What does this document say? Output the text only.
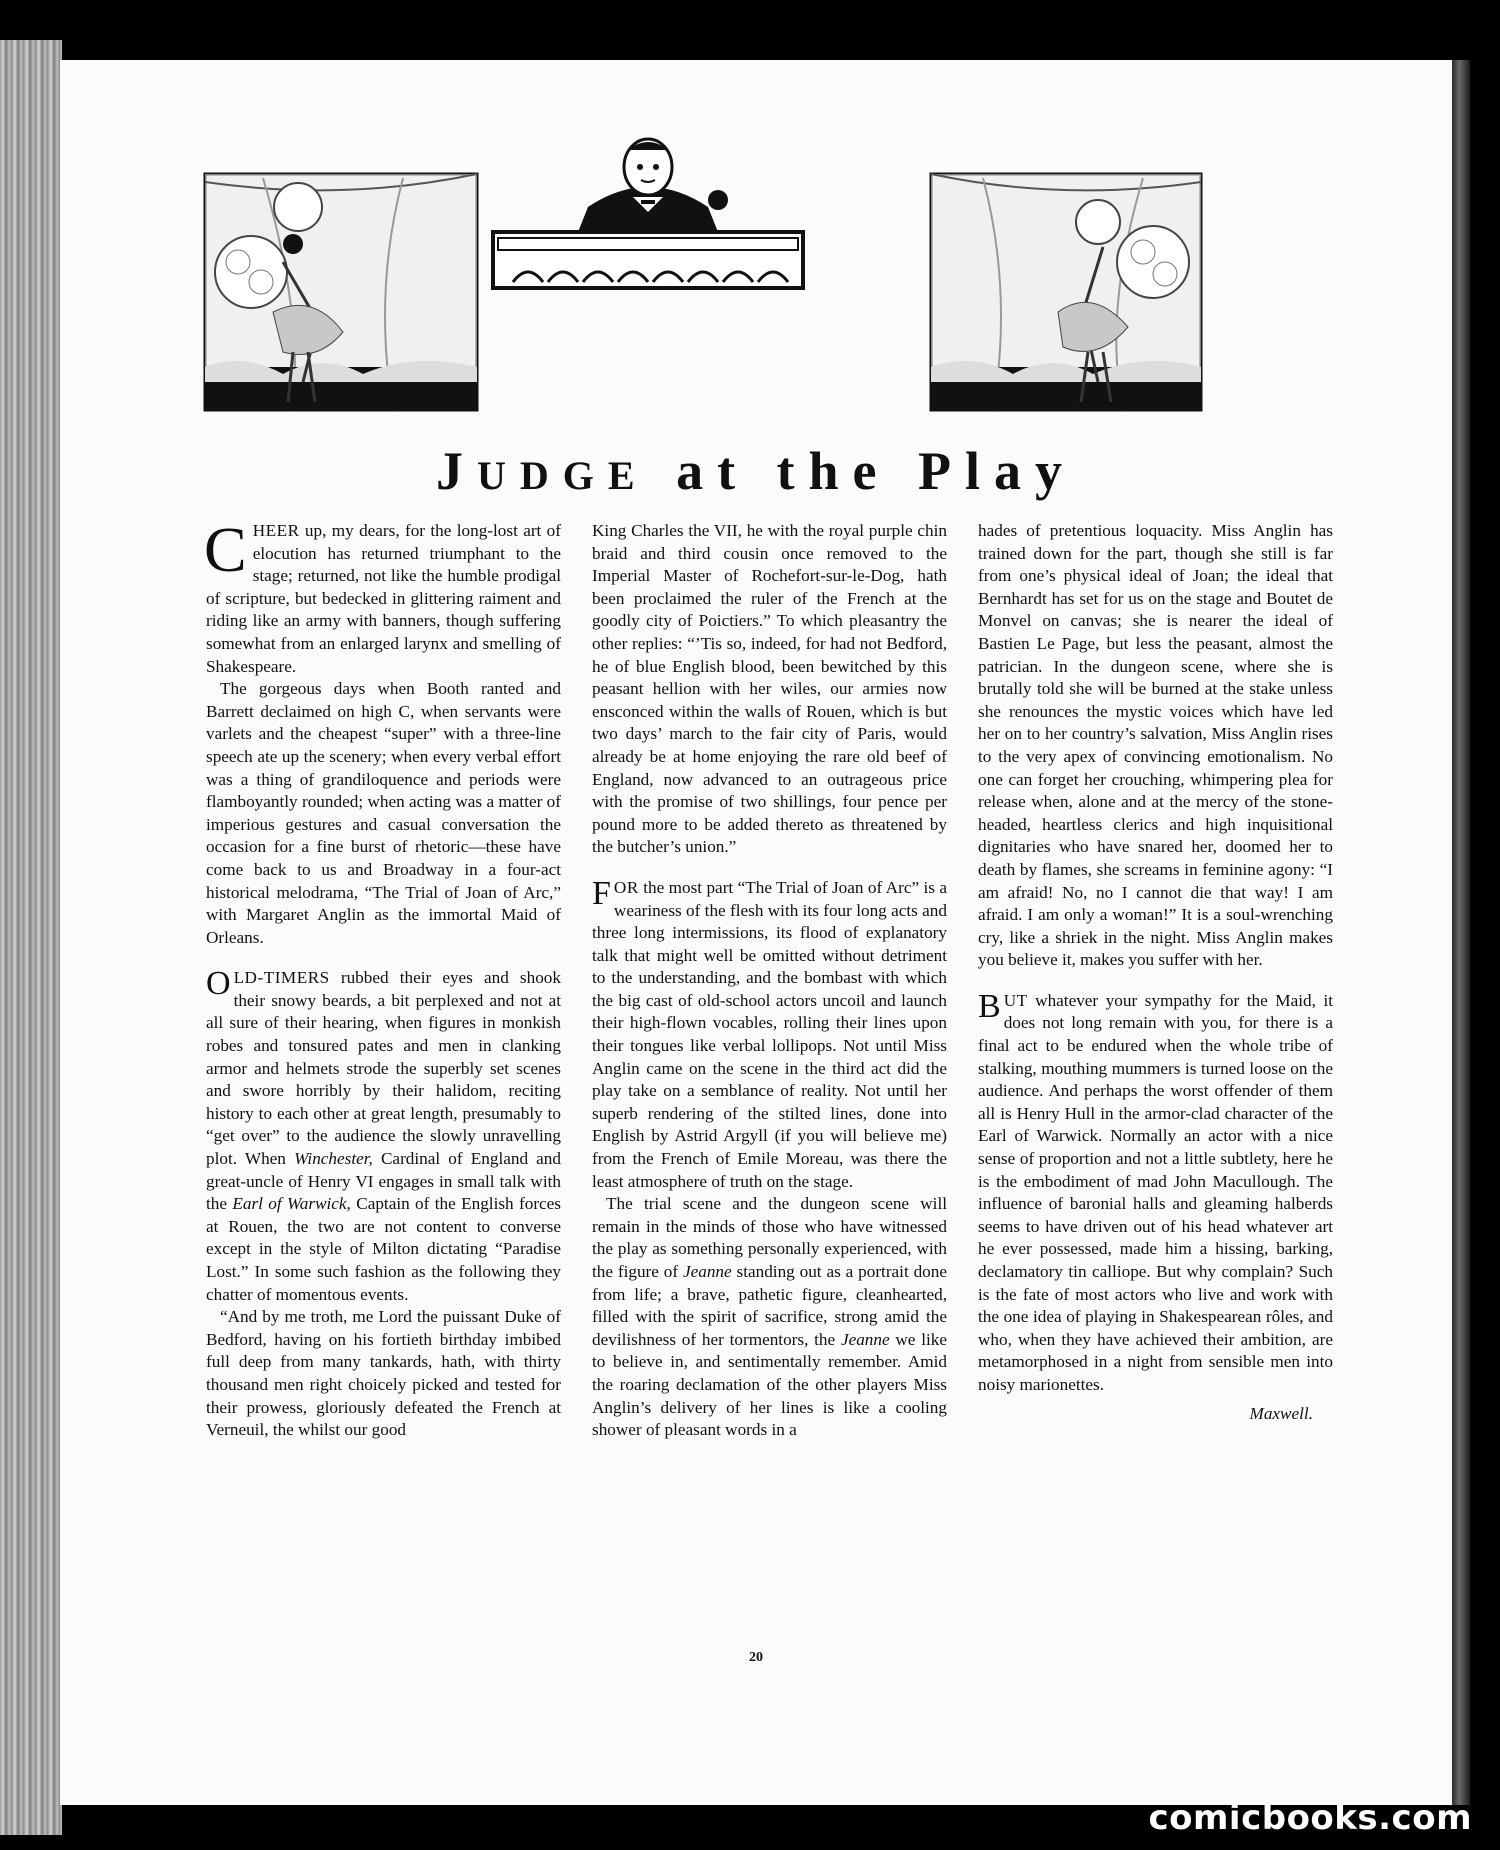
JUDGE at the Play

CHEER up, my dears, for the long-lost art of elocution has returned triumphant to the stage; returned, not like the humble prodigal of scripture, but bedecked in glittering raiment and riding like an army with banners, though suffering somewhat from an enlarged larynx and smelling of Shakespeare.

The gorgeous days when Booth ranted and Barrett declaimed on high C, when servants were varlets and the cheapest “super” with a three-line speech ate up the scenery; when every verbal effort was a thing of grandiloquence and periods were flamboyantly rounded; when acting was a matter of imperious gestures and casual conversation the occasion for a fine burst of rhetoric—these have come back to us and Broadway in a four-act historical melodrama, “The Trial of Joan of Arc,” with Margaret Anglin as the immortal Maid of Orleans.

OLD-TIMERS rubbed their eyes and shook their snowy beards, a bit perplexed and not at all sure of their hearing, when figures in monkish robes and tonsured pates and men in clanking armor and helmets strode the superbly set scenes and swore horribly by their halidom, reciting history to each other at great length, presumably to “get over” to the audience the slowly unravelling plot. When Winchester, Cardinal of England and great-uncle of Henry VI engages in small talk with the Earl of Warwick, Captain of the English forces at Rouen, the two are not content to converse except in the style of Milton dictating “Paradise Lost.” In some such fashion as the following they chatter of momentous events.

“And by me troth, me Lord the puissant Duke of Bedford, having on his fortieth birthday imbibed full deep from many tankards, hath, with thirty thousand men right choicely picked and tested for their prowess, gloriously defeated the French at Verneuil, the whilst our good

King Charles the VII, he with the royal purple chin braid and third cousin once removed to the Imperial Master of Rochefort-sur-le-Dog, hath been proclaimed the ruler of the French at the goodly city of Poictiers.” To which pleasantry the other replies: “’Tis so, indeed, for had not Bedford, he of blue English blood, been bewitched by this peasant hellion with her wiles, our armies now ensconced within the walls of Rouen, which is but two days’ march to the fair city of Paris, would already be at home enjoying the rare old beef of England, now advanced to an outrageous price with the promise of two shillings, four pence per pound more to be added thereto as threatened by the butcher’s union.”

FOR the most part “The Trial of Joan of Arc” is a weariness of the flesh with its four long acts and three long intermissions, its flood of explanatory talk that might well be omitted without detriment to the understanding, and the bombast with which the big cast of old-school actors uncoil and launch their high-flown vocables, rolling their lines upon their tongues like verbal lollipops. Not until Miss Anglin came on the scene in the third act did the play take on a semblance of reality. Not until her superb rendering of the stilted lines, done into English by Astrid Argyll (if you will believe me) from the French of Emile Moreau, was there the least atmosphere of truth on the stage.

The trial scene and the dungeon scene will remain in the minds of those who have witnessed the play as something personally experienced, with the figure of Jeanne standing out as a portrait done from life; a brave, pathetic figure, cleanhearted, filled with the spirit of sacrifice, strong amid the devilishness of her tormentors, the Jeanne we like to believe in, and sentimentally remember. Amid the roaring declamation of the other players Miss Anglin’s delivery of her lines is like a cooling shower of pleasant words in a

hades of pretentious loquacity. Miss Anglin has trained down for the part, though she still is far from one’s physical ideal of Joan; the ideal that Bernhardt has set for us on the stage and Boutet de Monvel on canvas; she is nearer the ideal of Bastien Le Page, but less the peasant, almost the patrician. In the dungeon scene, where she is brutally told she will be burned at the stake unless she renounces the mystic voices which have led her on to her country’s salvation, Miss Anglin rises to the very apex of convincing emotionalism. No one can forget her crouching, whimpering plea for release when, alone and at the mercy of the stone-headed, heartless clerics and high inquisitional dignitaries who have snared her, doomed her to death by flames, she screams in feminine agony: “I am afraid! No, no I cannot die that way! I am afraid. I am only a woman!” It is a soul-wrenching cry, like a shriek in the night. Miss Anglin makes you believe it, makes you suffer with her.

BUT whatever your sympathy for the Maid, it does not long remain with you, for there is a final act to be endured when the whole tribe of stalking, mouthing mummers is turned loose on the audience. And perhaps the worst offender of them all is Henry Hull in the armor-clad character of the Earl of Warwick. Normally an actor with a nice sense of proportion and not a little subtlety, here he is the embodiment of mad John Macullough. The influence of baronial halls and gleaming halberds seems to have driven out of his head whatever art he ever possessed, made him a hissing, barking, declamatory tin calliope. But why complain? Such is the fate of most actors who live and work with the one idea of playing in Shakespearean rôles, and who, when they have achieved their ambition, are metamorphosed in a night from sensible men into noisy marionettes.

Maxwell.
20
comicbooks.com
